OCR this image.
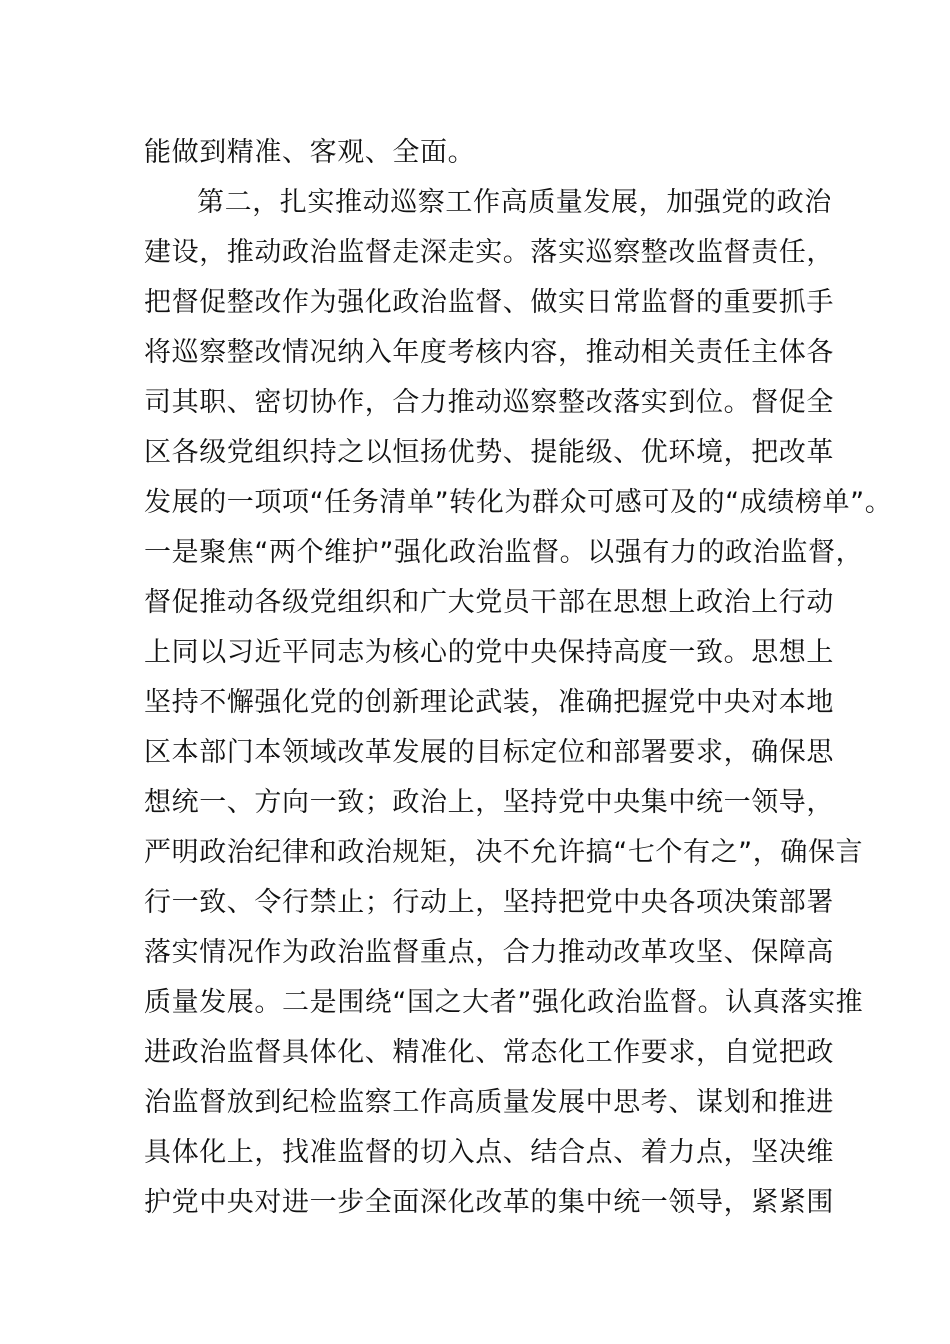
能做到精准、客观、全面。
第二，扎实推动巡察工作高质量发展，加强党的政治
建设，推动政治监督走深走实。落实巡察整改监督责任，
把督促整改作为强化政治监督、做实日常监督的重要抓手
将巡察整改情况纳入年度考核内容，推动相关责任主体各
司其职、密切协作，合力推动巡察整改落实到位。督促全
区各级党组织持之以恒扬优势、提能级、优环境，把改革
发展的一项项“任务清单”转化为群众可感可及的“成绩榜单”。
一是聚焦“两个维护”强化政治监督。以强有力的政治监督，
督促推动各级党组织和广大党员干部在思想上政治上行动
上同以习近平同志为核心的党中央保持高度一致。思想上
坚持不懈强化党的创新理论武装，准确把握党中央对本地
区本部门本领域改革发展的目标定位和部署要求，确保思
想统一、方向一致；政治上，坚持党中央集中统一领导，
严明政治纪律和政治规矩，决不允许搞“七个有之”，确保言
行一致、令行禁止；行动上，坚持把党中央各项决策部署
落实情况作为政治监督重点，合力推动改革攻坚、保障高
质量发展。二是围绕“国之大者”强化政治监督。认真落实推
进政治监督具体化、精准化、常态化工作要求，自觉把政
治监督放到纪检监察工作高质量发展中思考、谋划和推进
具体化上，找准监督的切入点、结合点、着力点，坚决维
护党中央对进一步全面深化改革的集中统一领导，紧紧围
